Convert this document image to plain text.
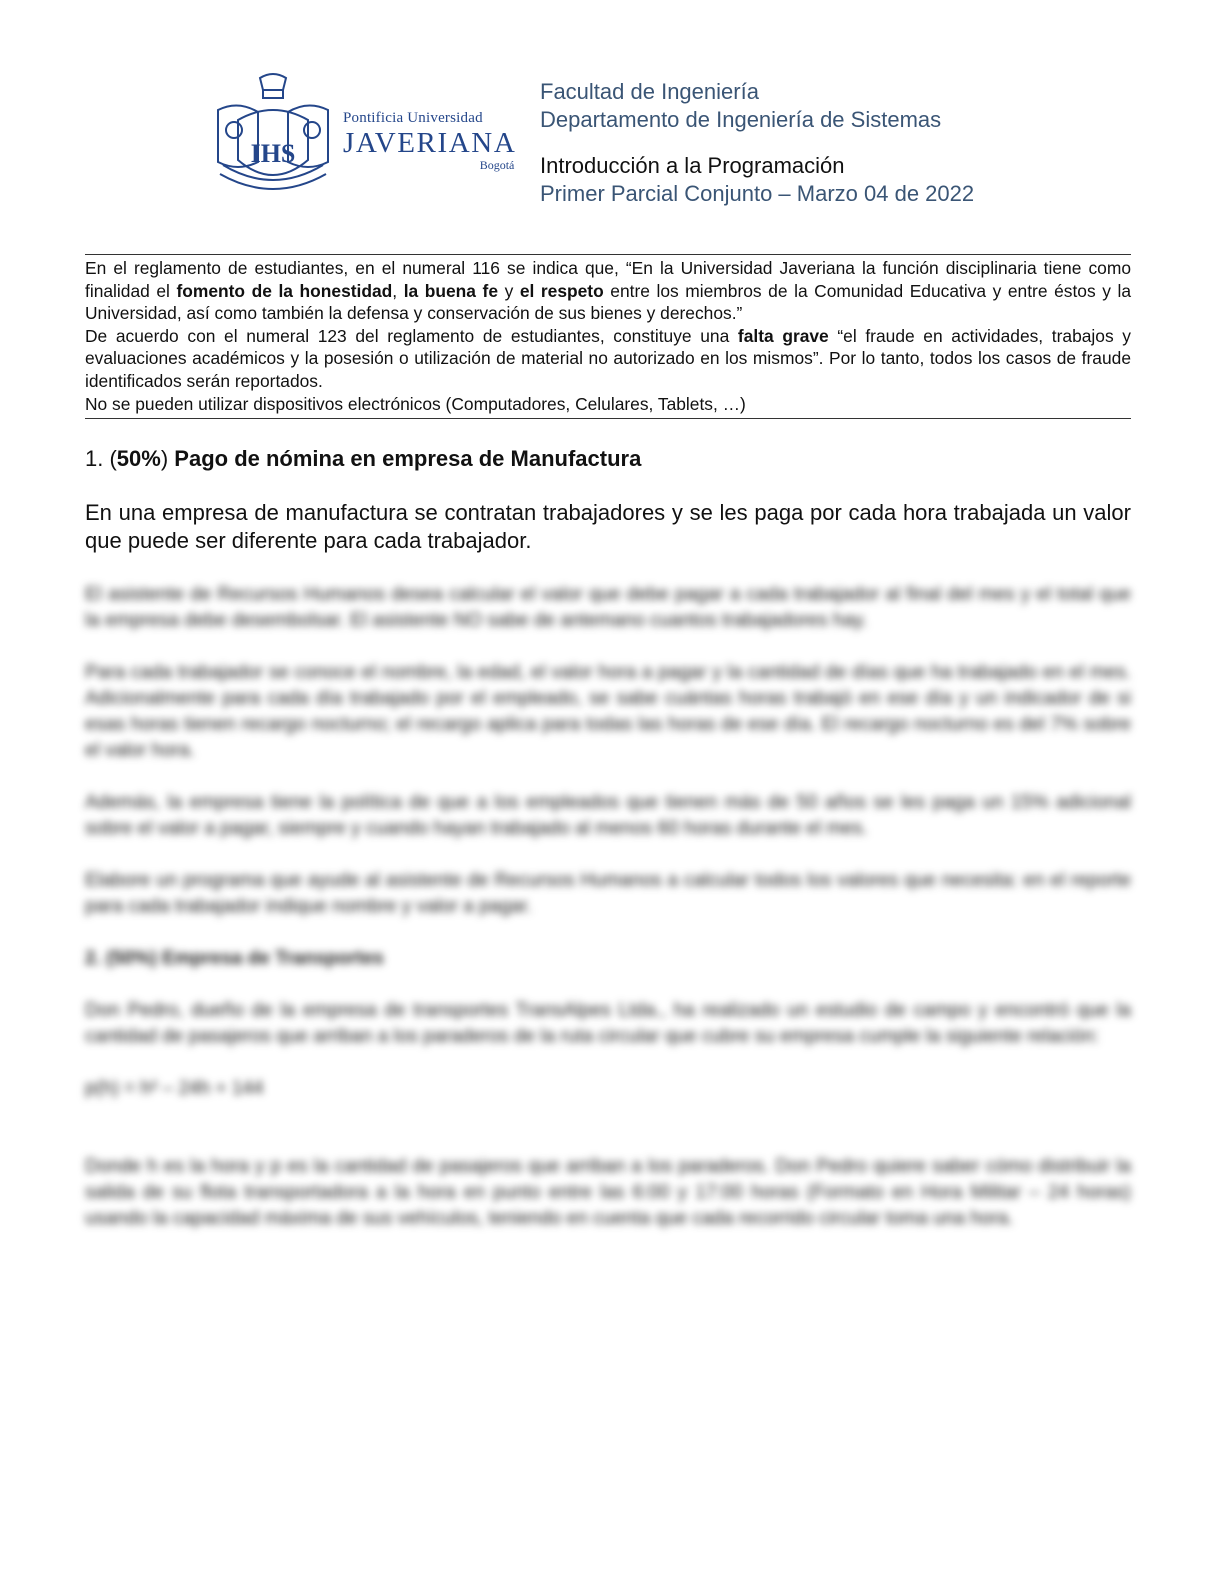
IHS
Pontificia Universidad
JAVERIANA
Bogotá
Facultad de Ingeniería
Departamento de Ingeniería de Sistemas
Introducción a la Programación
Primer Parcial Conjunto – Marzo 04 de 2022

En el reglamento de estudiantes, en el numeral 116 se indica que, “En la Universidad Javeriana la función disciplinaria tiene como finalidad el fomento de la honestidad, la buena fe y el respeto entre los miembros de la Comunidad Educativa y entre éstos y la Universidad, así como también la defensa y conservación de sus bienes y derechos.”

De acuerdo con el numeral 123 del reglamento de estudiantes, constituye una falta grave “el fraude en actividades, trabajos y evaluaciones académicos y la posesión o utilización de material no autorizado en los mismos”. Por lo tanto, todos los casos de fraude identificados serán reportados.

No se pueden utilizar dispositivos electrónicos (Computadores, Celulares, Tablets, …)

1. (50%) Pago de nómina en empresa de Manufactura
En una empresa de manufactura se contratan trabajadores y se les paga por cada hora trabajada un valor que puede ser diferente para cada trabajador.

El asistente de Recursos Humanos desea calcular el valor que debe pagar a cada trabajador al final del mes y el total que la empresa debe desembolsar. El asistente NO sabe de antemano cuantos trabajadores hay.

Para cada trabajador se conoce el nombre, la edad, el valor hora a pagar y la cantidad de días que ha trabajado en el mes. Adicionalmente para cada día trabajado por el empleado, se sabe cuántas horas trabajó en ese día y un indicador de si esas horas tienen recargo nocturno; el recargo aplica para todas las horas de ese día. El recargo nocturno es del 7% sobre el valor hora.

Además, la empresa tiene la política de que a los empleados que tienen más de 50 años se les paga un 15% adicional sobre el valor a pagar, siempre y cuando hayan trabajado al menos 60 horas durante el mes.

Elabore un programa que ayude al asistente de Recursos Humanos a calcular todos los valores que necesita: en el reporte para cada trabajador indique nombre y valor a pagar.

2. (50%) Empresa de Transportes

Don Pedro, dueño de la empresa de transportes TransAlpes Ltda., ha realizado un estudio de campo y encontró que la cantidad de pasajeros que arriban a los paraderos de la ruta circular que cubre su empresa cumple la siguiente relación:

p(h) = h² – 24h + 144

Donde h es la hora y p es la cantidad de pasajeros que arriban a los paraderos. Don Pedro quiere saber cómo distribuir la salida de su flota transportadora a la hora en punto entre las 6:00 y 17:00 horas (Formato en Hora Militar – 24 horas) usando la capacidad máxima de sus vehículos, teniendo en cuenta que cada recorrido circular toma una hora.
